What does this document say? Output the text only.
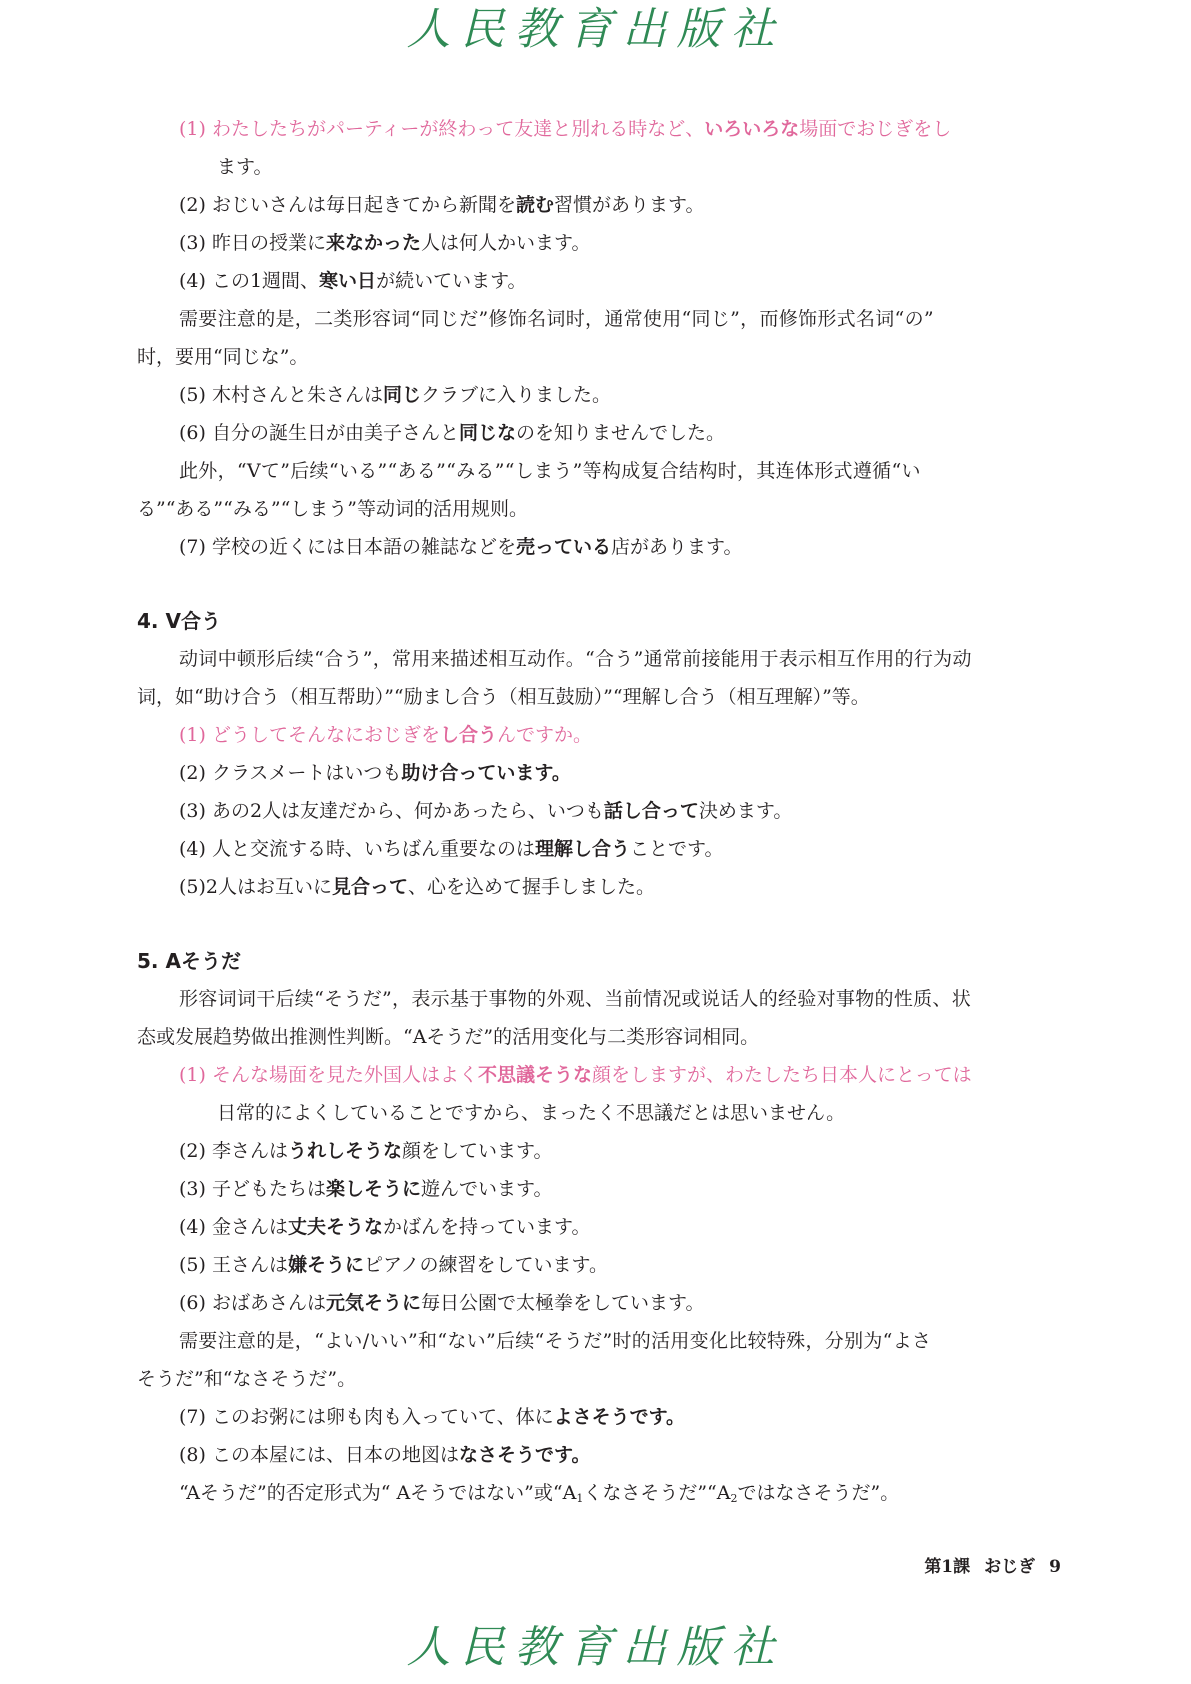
人民教育出版社
(1) わたしたちがパーティーが終わって友達と別れる時など、いろいろな場面でおじぎをし
ます。
(2) おじいさんは毎日起きてから新聞を読む習慣があります。
(3) 昨日の授業に来なかった人は何人かいます。
(4) この1週間、寒い日が続いています。
需要注意的是，二类形容词“同じだ”修饰名词时，通常使用“同じ”，而修饰形式名词“の”
时，要用“同じな”。
(5) 木村さんと朱さんは同じクラブに入りました。
(6) 自分の誕生日が由美子さんと同じなのを知りませんでした。
此外，“Vて”后续“いる”“ある”“みる”“しまう”等构成复合结构时，其连体形式遵循“い
る”“ある”“みる”“しまう”等动词的活用规则。
(7) 学校の近くには日本語の雑誌などを売っている店があります。
4. V合う
动词中顿形后续“合う”，常用来描述相互动作。“合う”通常前接能用于表示相互作用的行为动
词，如“助け合う（相互帮助）”“励まし合う（相互鼓励）”“理解し合う（相互理解）”等。
(1) どうしてそんなにおじぎをし合うんですか。
(2) クラスメートはいつも助け合っています。
(3) あの2人は友達だから、何かあったら、いつも話し合って決めます。
(4) 人と交流する時、いちばん重要なのは理解し合うことです。
(5)2人はお互いに見合って、心を込めて握手しました。
5. Aそうだ
形容词词干后续“そうだ”，表示基于事物的外观、当前情况或说话人的经验对事物的性质、状
态或发展趋势做出推测性判断。“Aそうだ”的活用变化与二类形容词相同。
(1) そんな場面を見た外国人はよく不思議そうな顔をしますが、わたしたち日本人にとっては
日常的によくしていることですから、まったく不思議だとは思いません。
(2) 李さんはうれしそうな顔をしています。
(3) 子どもたちは楽しそうに遊んでいます。
(4) 金さんは丈夫そうなかばんを持っています。
(5) 王さんは嫌そうにピアノの練習をしています。
(6) おばあさんは元気そうに毎日公園で太極拳をしています。
需要注意的是，“よい/いい”和“ない”后续“そうだ”时的活用变化比较特殊，分别为“よさ
そうだ”和“なさそうだ”。
(7) このお粥には卵も肉も入っていて、体によさそうです。
(8) この本屋には、日本の地図はなさそうです。
“Aそうだ”的否定形式为“ Aそうではない”或“$A_1$くなさそうだ$”“A_2$ではなさそうだ”。
第1課 おじぎ 9
人民教育出版社
